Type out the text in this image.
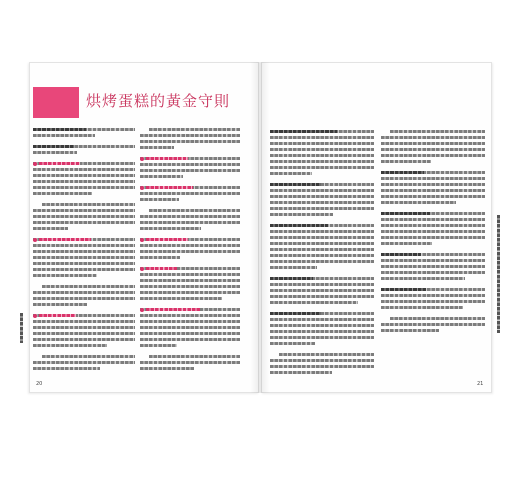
烘烤蛋糕的黃金守則
20	21
